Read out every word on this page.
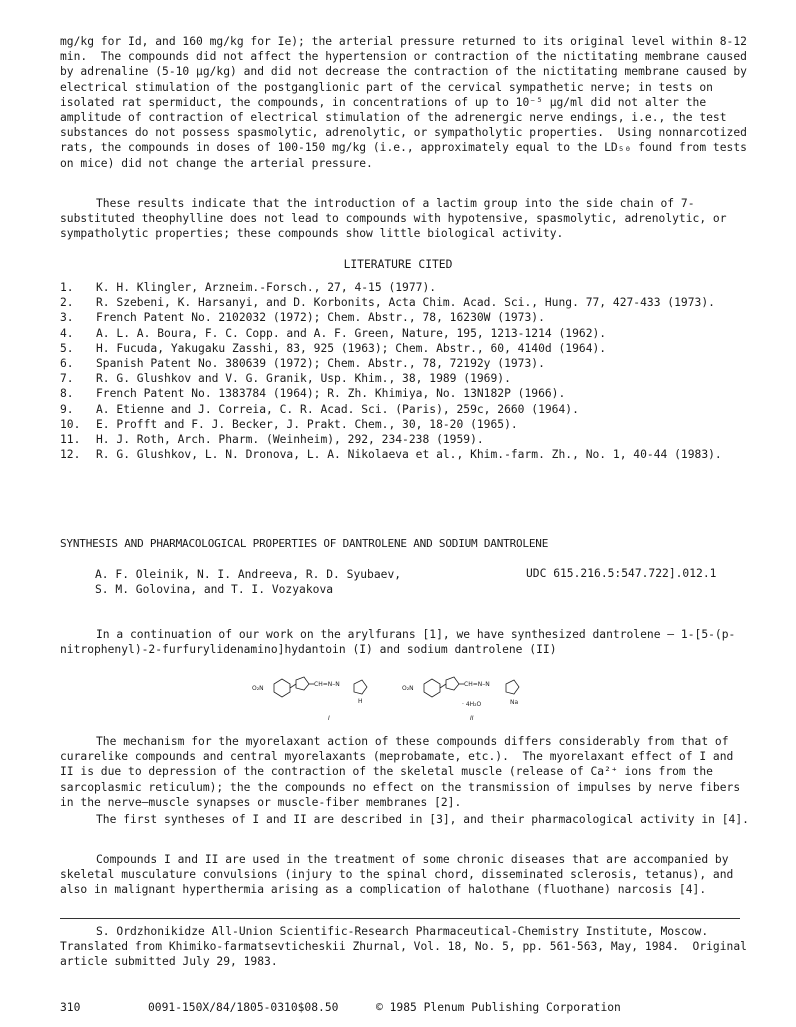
mg/kg for Id, and 160 mg/kg for Ie); the arterial pressure returned to its original level within 8-12 min.  The compounds did not affect the hypertension or contraction of the nictitating membrane caused by adrenaline (5-10 µg/kg) and did not decrease the contraction of the nictitating membrane caused by electrical stimulation of the postganglionic part of the cervical sympathetic nerve; in tests on isolated rat spermiduct, the compounds, in concentrations of up to 10⁻⁵ µg/ml did not alter the amplitude of contraction of electrical stimulation of the adrenergic nerve endings, i.e., the test substances do not possess spasmolytic, adrenolytic, or sympatholytic properties.  Using nonnarcotized rats, the compounds in doses of 100-150 mg/kg (i.e., approximately equal to the LD₅₀ found from tests on mice) did not change the arterial pressure.

These results indicate that the introduction of a lactim group into the side chain of 7-substituted theophylline does not lead to compounds with hypotensive, spasmolytic, adrenolytic, or sympatholytic properties; these compounds show little biological activity.

LITERATURE CITED
1.	K. H. Klingler, Arzneim.-Forsch., 27, 4-15 (1977).
2.	R. Szebeni, K. Harsanyi, and D. Korbonits, Acta Chim. Acad. Sci., Hung. 77, 427-433 (1973).
3.	French Patent No. 2102032 (1972); Chem. Abstr., 78, 16230W (1973).
4.	A. L. A. Boura, F. C. Copp. and A. F. Green, Nature, 195, 1213-1214 (1962).
5.	H. Fucuda, Yakugaku Zasshi, 83, 925 (1963); Chem. Abstr., 60, 4140d (1964).
6.	Spanish Patent No. 380639 (1972); Chem. Abstr., 78, 72192y (1973).
7.	R. G. Glushkov and V. G. Granik, Usp. Khim., 38, 1989 (1969).
8.	French Patent No. 1383784 (1964); R. Zh. Khimiya, No. 13N182P (1966).
9.	A. Etienne and J. Correia, C. R. Acad. Sci. (Paris), 259c, 2660 (1964).
10.	E. Profft and F. J. Becker, J. Prakt. Chem., 30, 18-20 (1965).
11.	H. J. Roth, Arch. Pharm. (Weinheim), 292, 234-238 (1959).
12.	R. G. Glushkov, L. N. Dronova, L. A. Nikolaeva et al., Khim.-farm. Zh., No. 1, 40-44 (1983).
SYNTHESIS AND PHARMACOLOGICAL PROPERTIES OF DANTROLENE AND SODIUM DANTROLENE
A. F. Oleinik, N. I. Andreeva, R. D. Syubaev,
S. M. Golovina, and T. I. Vozyakova
UDC 615.216.5:547.722].012.1

In a continuation of our work on the arylfurans [1], we have synthesized dantrolene — 1-[5-(p-nitrophenyl)-2-furfurylidenamino]hydantoin (I) and sodium dantrolene (II)

O₂N
CH=N–N
H
I
O₂N
CH=N–N
· 4H₂O	Na
II

The mechanism for the myorelaxant action of these compounds differs considerably from that of curarelike compounds and central myorelaxants (meprobamate, etc.).  The myorelaxant effect of I and II is due to depression of the contraction of the skeletal muscle (release of Ca²⁺ ions from the sarcoplasmic reticulum); the the compounds no effect on the transmission of impulses by nerve fibers in the nerve–muscle synapses or muscle-fiber membranes [2].

The first syntheses of I and II are described in [3], and their pharmacological activity in [4].

Compounds I and II are used in the treatment of some chronic diseases that are accompanied by skeletal musculature convulsions (injury to the spinal chord, disseminated sclerosis, tetanus), and also in malignant hyperthermia arising as a complication of halothane (fluothane) narcosis [4].

S. Ordzhonikidze All-Union Scientific-Research Pharmaceutical-Chemistry Institute, Moscow.  Translated from Khimiko-farmatsevticheskii Zhurnal, Vol. 18, No. 5, pp. 561-563, May, 1984.  Original article submitted July 29, 1983.

310	0091-150X/84/1805-0310$08.50	© 1985 Plenum Publishing Corporation
